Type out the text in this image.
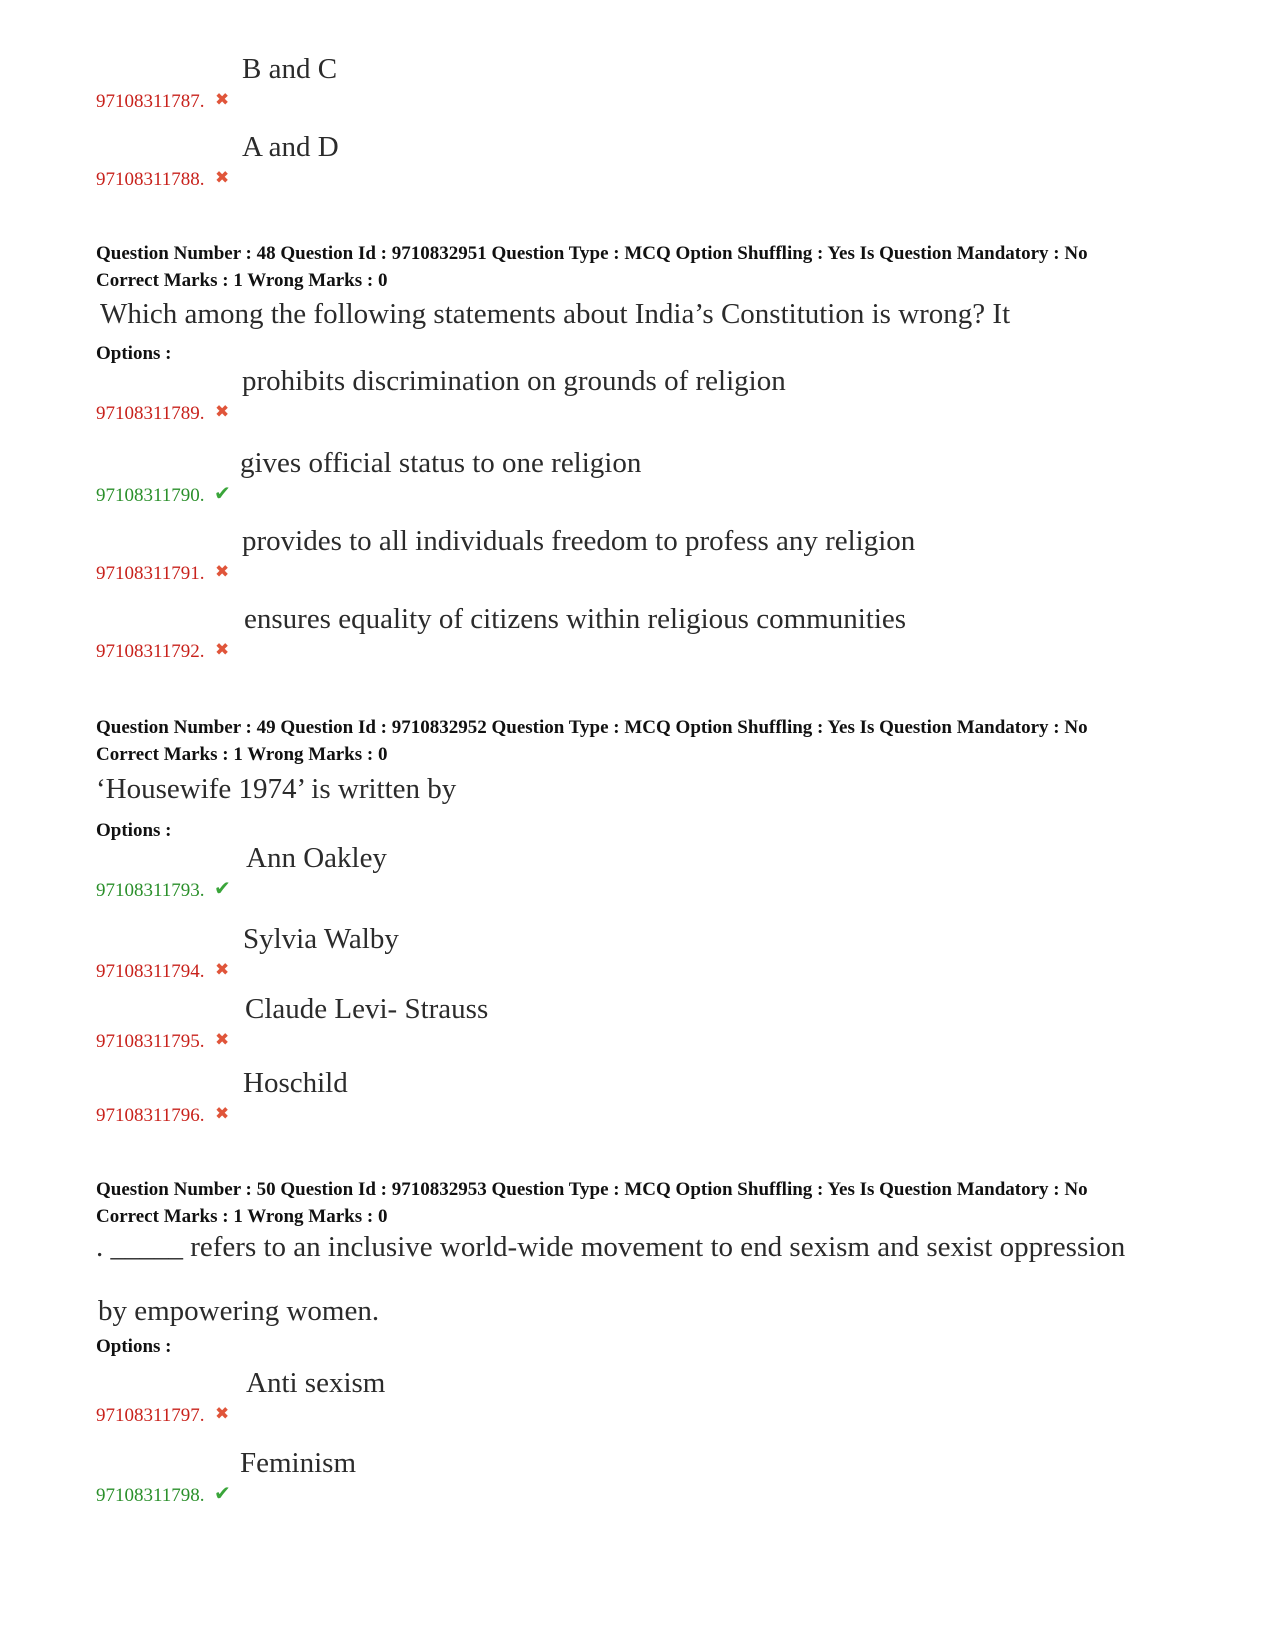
97108311787. ✖
B and C
97108311788. ✖
A and D
Question Number : 48 Question Id : 9710832951 Question Type : MCQ Option Shuffling : Yes Is Question Mandatory : No
Correct Marks : 1 Wrong Marks : 0
Which among the following statements about India’s Constitution is wrong? It
Options :
97108311789. ✖
prohibits discrimination on grounds of religion
97108311790. ✔
gives official status to one religion
97108311791. ✖
provides to all individuals freedom to profess any religion
97108311792. ✖
ensures equality of citizens within religious communities
Question Number : 49 Question Id : 9710832952 Question Type : MCQ Option Shuffling : Yes Is Question Mandatory : No
Correct Marks : 1 Wrong Marks : 0
‘Housewife 1974’ is written by
Options :
97108311793. ✔
Ann Oakley
97108311794. ✖
Sylvia Walby
97108311795. ✖
Claude Levi- Strauss
97108311796. ✖
Hoschild
Question Number : 50 Question Id : 9710832953 Question Type : MCQ Option Shuffling : Yes Is Question Mandatory : No
Correct Marks : 1 Wrong Marks : 0
. _____ refers to an inclusive world-wide movement to end sexism and sexist oppression
by empowering women.
Options :
97108311797. ✖
Anti sexism
97108311798. ✔
Feminism
